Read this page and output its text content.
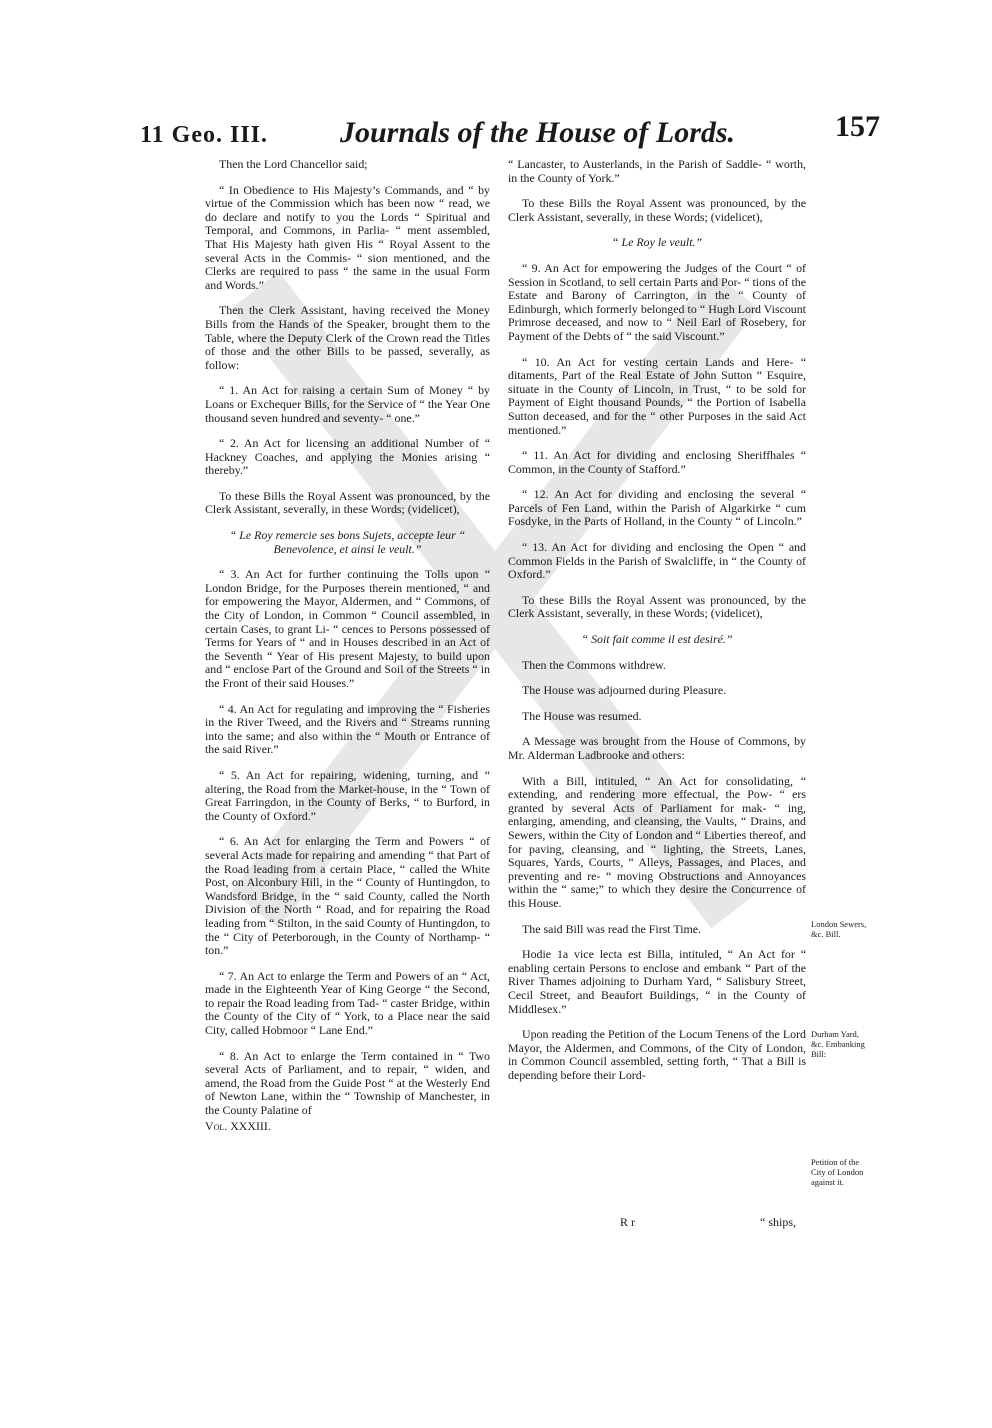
11 Geo. III. Journals of the House of Lords.	157

Then the Lord Chancellor said;

“ In Obedience to His Majesty’s Commands, and “ by virtue of the Commission which has been now “ read, we do declare and notify to you the Lords “ Spiritual and Temporal, and Commons, in Parlia- “ ment assembled, That His Majesty hath given His “ Royal Assent to the several Acts in the Commis- “ sion mentioned, and the Clerks are required to pass “ the same in the usual Form and Words.”

Then the Clerk Assistant, having received the Money Bills from the Hands of the Speaker, brought them to the Table, where the Deputy Clerk of the Crown read the Titles of those and the other Bills to be passed, severally, as follow:

“ 1. An Act for raising a certain Sum of Money “ by Loans or Exchequer Bills, for the Service of “ the Year One thousand seven hundred and seventy- “ one.”

“ 2. An Act for licensing an additional Number of “ Hackney Coaches, and applying the Monies arising “ thereby.”

To these Bills the Royal Assent was pronounced, by the Clerk Assistant, severally, in these Words; (videlicet),

“ Le Roy remercie ses bons Sujets, accepte leur “ Benevolence, et ainsi le veult.”

“ 3. An Act for further continuing the Tolls upon “ London Bridge, for the Purposes therein mentioned, “ and for empowering the Mayor, Aldermen, and “ Commons, of the City of London, in Common “ Council assembled, in certain Cases, to grant Li- “ cences to Persons possessed of Terms for Years of “ and in Houses described in an Act of the Seventh “ Year of His present Majesty, to build upon and “ enclose Part of the Ground and Soil of the Streets “ in the Front of their said Houses.”

“ 4. An Act for regulating and improving the “ Fisheries in the River Tweed, and the Rivers and “ Streams running into the same; and also within the “ Mouth or Entrance of the said River.”

“ 5. An Act for repairing, widening, turning, and “ altering, the Road from the Market-house, in the “ Town of Great Farringdon, in the County of Berks, “ to Burford, in the County of Oxford.”

“ 6. An Act for enlarging the Term and Powers “ of several Acts made for repairing and amending “ that Part of the Road leading from a certain Place, “ called the White Post, on Alconbury Hill, in the “ County of Huntingdon, to Wandsford Bridge, in the “ said County, called the North Division of the North “ Road, and for repairing the Road leading from “ Stilton, in the said County of Huntingdon, to the “ City of Peterborough, in the County of Northamp- “ ton.”

“ 7. An Act to enlarge the Term and Powers of an “ Act, made in the Eighteenth Year of King George “ the Second, to repair the Road leading from Tad- “ caster Bridge, within the County of the City of “ York, to a Place near the said City, called Hobmoor “ Lane End.”

“ 8. An Act to enlarge the Term contained in “ Two several Acts of Parliament, and to repair, “ widen, and amend, the Road from the Guide Post “ at the Westerly End of Newton Lane, within the “ Township of Manchester, in the County Palatine of

Vol. XXXIII.

“ Lancaster, to Austerlands, in the Parish of Saddle- “ worth, in the County of York.”

To these Bills the Royal Assent was pronounced, by the Clerk Assistant, severally, in these Words; (videlicet),

“ Le Roy le veult.”

“ 9. An Act for empowering the Judges of the Court “ of Session in Scotland, to sell certain Parts and Por- “ tions of the Estate and Barony of Carrington, in the “ County of Edinburgh, which formerly belonged to “ Hugh Lord Viscount Primrose deceased, and now to “ Neil Earl of Rosebery, for Payment of the Debts of “ the said Viscount.”

“ 10. An Act for vesting certain Lands and Here- “ ditaments, Part of the Real Estate of John Sutton “ Esquire, situate in the County of Lincoln, in Trust, “ to be sold for Payment of Eight thousand Pounds, “ the Portion of Isabella Sutton deceased, and for the “ other Purposes in the said Act mentioned.”

“ 11. An Act for dividing and enclosing Sheriffhales “ Common, in the County of Stafford.”

“ 12. An Act for dividing and enclosing the several “ Parcels of Fen Land, within the Parish of Algarkirke “ cum Fosdyke, in the Parts of Holland, in the County “ of Lincoln.”

“ 13. An Act for dividing and enclosing the Open “ and Common Fields in the Parish of Swalcliffe, in “ the County of Oxford.”

To these Bills the Royal Assent was pronounced, by the Clerk Assistant, severally, in these Words; (videlicet),

“ Soit fait comme il est desiré.”

Then the Commons withdrew.

The House was adjourned during Pleasure.

The House was resumed.

A Message was brought from the House of Commons, by Mr. Alderman Ladbrooke and others:

With a Bill, intituled, “ An Act for consolidating, “ extending, and rendering more effectual, the Pow- “ ers granted by several Acts of Parliament for mak- “ ing, enlarging, amending, and cleansing, the Vaults, “ Drains, and Sewers, within the City of London and “ Liberties thereof, and for paving, cleansing, and “ lighting, the Streets, Lanes, Squares, Yards, Courts, “ Alleys, Passages, and Places, and preventing and re- “ moving Obstructions and Annoyances within the “ same;” to which they desire the Concurrence of this House.

The said Bill was read the First Time.

Hodie 1a vice lecta est Billa, intituled, “ An Act for “ enabling certain Persons to enclose and embank “ Part of the River Thames adjoining to Durham Yard, “ Salisbury Street, Cecil Street, and Beaufort Buildings, “ in the County of Middlesex.”

Upon reading the Petition of the Locum Tenens of the Lord Mayor, the Aldermen, and Commons, of the City of London, in Common Council assembled, setting forth, “ That a Bill is depending before their Lord-

London Sewers, &c. Bill.
Durham Yard, &c. Embanking Bill:
Petition of the City of London against it.
R r	“ ships,
